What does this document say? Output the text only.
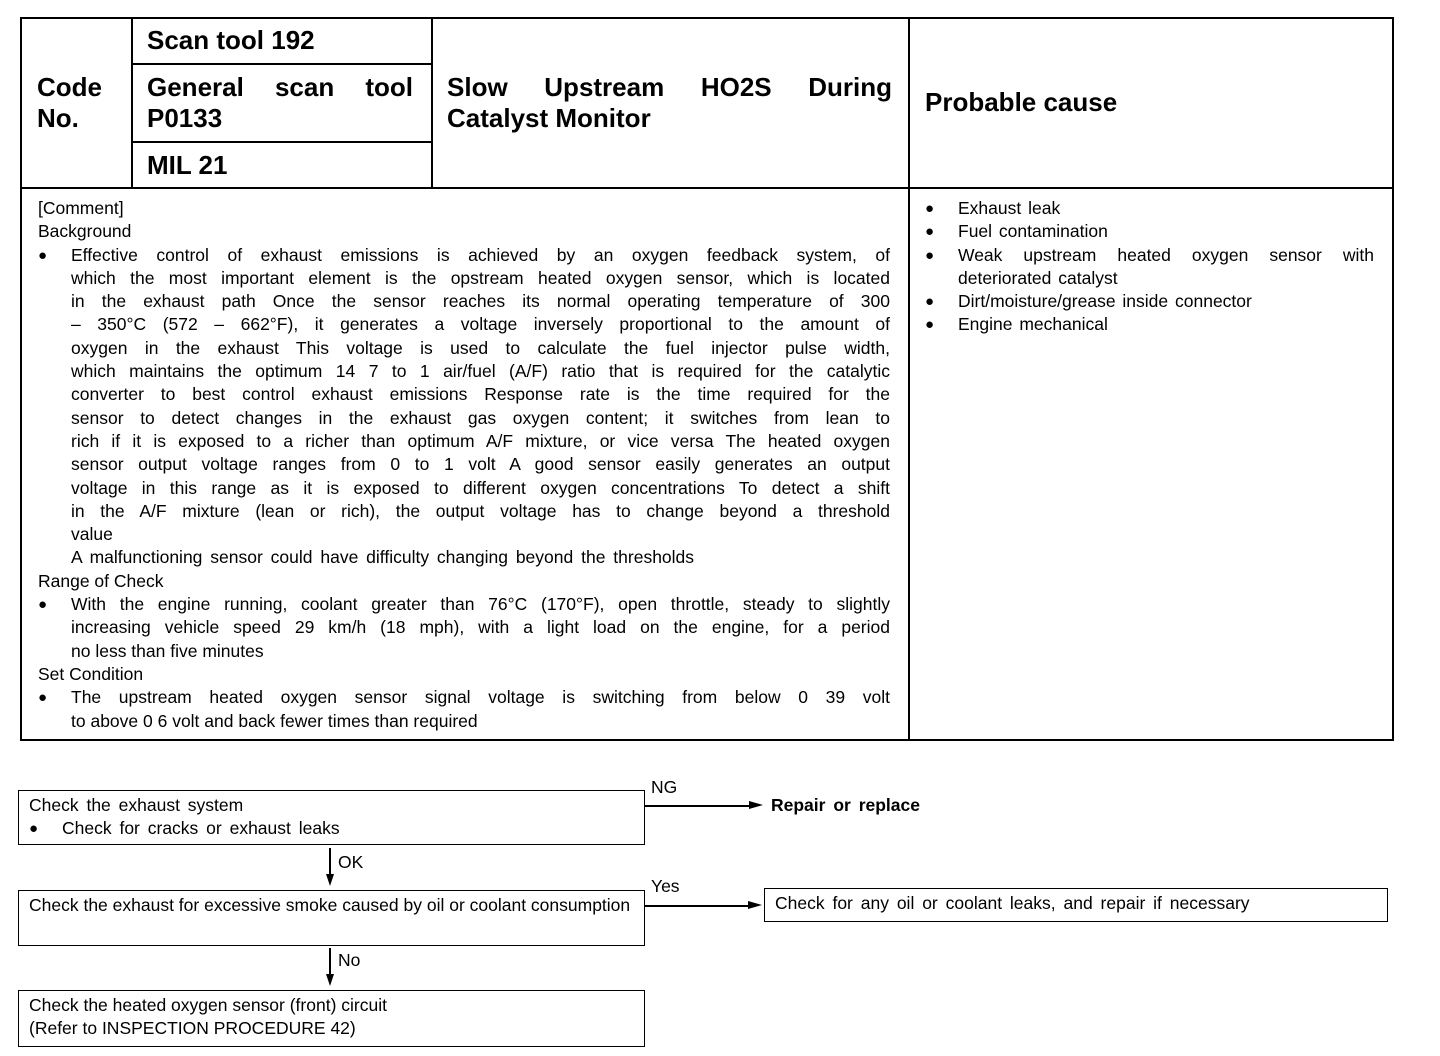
Code No.
Scan tool 192
General scan tool P0133
MIL 21
Slow Upstream HO2S During Catalyst Monitor
Probable cause
[Comment]
Background
● Effective control of exhaust emissions is achieved by an oxygen feedback system, of
which the most important element is the opstream heated oxygen sensor, which is located
in the exhaust path Once the sensor reaches its normal operating temperature of 300
– 350°C (572 – 662°F), it generates a voltage inversely proportional to the amount of
oxygen in the exhaust This voltage is used to calculate the fuel injector pulse width,
which maintains the optimum 14 7 to 1 air/fuel (A/F) ratio that is required for the catalytic
converter to best control exhaust emissions Response rate is the time required for the
sensor to detect changes in the exhaust gas oxygen content; it switches from lean to
rich if it is exposed to a richer than optimum A/F mixture, or vice versa The heated oxygen
sensor output voltage ranges from 0 to 1 volt A good sensor easily generates an output
voltage in this range as it is exposed to different oxygen concentrations To detect a shift
in the A/F mixture (lean or rich), the output voltage has to change beyond a threshold
value
A malfunctioning sensor could have difficulty changing beyond the thresholds
Range of Check
● With the engine running, coolant greater than 76°C (170°F), open throttle, steady to slightly
increasing vehicle speed 29 km/h (18 mph), with a light load on the engine, for a period
no less than five minutes
Set Condition
● The upstream heated oxygen sensor signal voltage is switching from below 0 39 volt
to above 0 6 volt and back fewer times than required
● Exhaust leak
● Fuel contamination
● Weak upstream heated oxygen sensor with deteriorated catalyst
● Dirt/moisture/grease inside connector
● Engine mechanical
Check the exhaust system
● Check for cracks or exhaust leaks
NG
Repair or replace
OK
Check the exhaust for excessive smoke caused by oil or coolant consumption
Yes
Check for any oil or coolant leaks, and repair if necessary
No
Check the heated oxygen sensor (front) circuit
(Refer to INSPECTION PROCEDURE 42)
